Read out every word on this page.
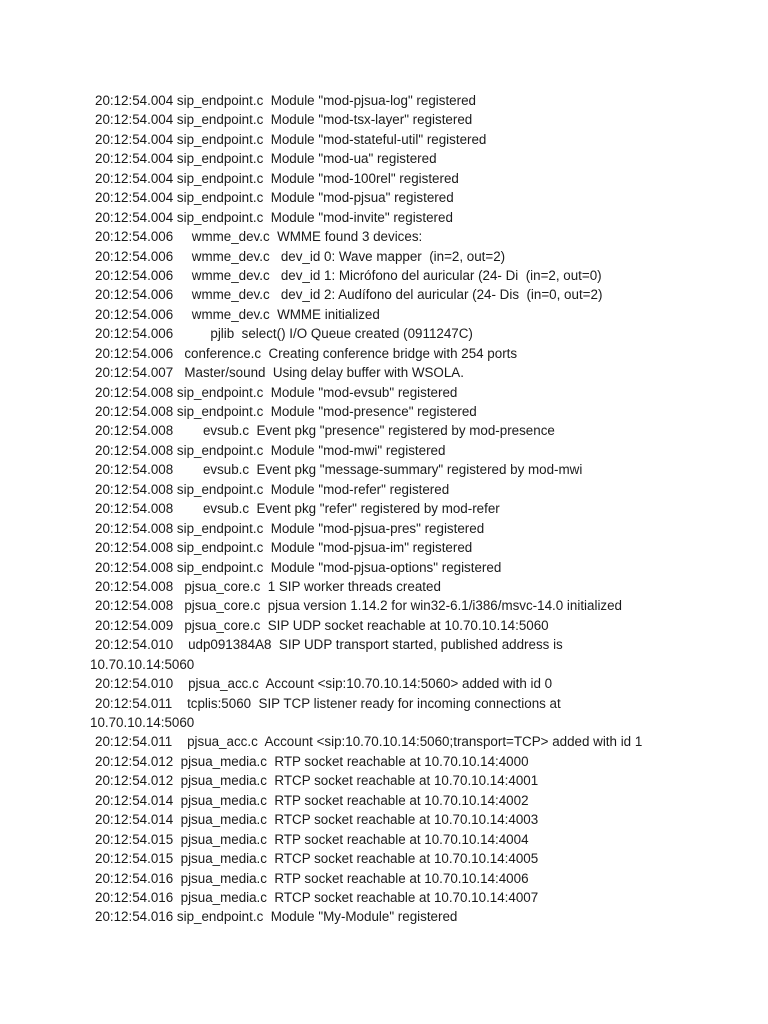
20:12:54.004 sip_endpoint.c  Module "mod-pjsua-log" registered
20:12:54.004 sip_endpoint.c  Module "mod-tsx-layer" registered
20:12:54.004 sip_endpoint.c  Module "mod-stateful-util" registered
20:12:54.004 sip_endpoint.c  Module "mod-ua" registered
20:12:54.004 sip_endpoint.c  Module "mod-100rel" registered
20:12:54.004 sip_endpoint.c  Module "mod-pjsua" registered
20:12:54.004 sip_endpoint.c  Module "mod-invite" registered
20:12:54.006     wmme_dev.c  WMME found 3 devices:
20:12:54.006     wmme_dev.c   dev_id 0: Wave mapper  (in=2, out=2)
20:12:54.006     wmme_dev.c   dev_id 1: Micrófono del auricular (24- Di  (in=2, out=0)
20:12:54.006     wmme_dev.c   dev_id 2: Audífono del auricular (24- Dis  (in=0, out=2)
20:12:54.006     wmme_dev.c  WMME initialized
20:12:54.006          pjlib  select() I/O Queue created (0911247C)
20:12:54.006   conference.c  Creating conference bridge with 254 ports
20:12:54.007   Master/sound  Using delay buffer with WSOLA.
20:12:54.008 sip_endpoint.c  Module "mod-evsub" registered
20:12:54.008 sip_endpoint.c  Module "mod-presence" registered
20:12:54.008        evsub.c  Event pkg "presence" registered by mod-presence
20:12:54.008 sip_endpoint.c  Module "mod-mwi" registered
20:12:54.008        evsub.c  Event pkg "message-summary" registered by mod-mwi
20:12:54.008 sip_endpoint.c  Module "mod-refer" registered
20:12:54.008        evsub.c  Event pkg "refer" registered by mod-refer
20:12:54.008 sip_endpoint.c  Module "mod-pjsua-pres" registered
20:12:54.008 sip_endpoint.c  Module "mod-pjsua-im" registered
20:12:54.008 sip_endpoint.c  Module "mod-pjsua-options" registered
20:12:54.008   pjsua_core.c  1 SIP worker threads created
20:12:54.008   pjsua_core.c  pjsua version 1.14.2 for win32-6.1/i386/msvc-14.0 initialized
20:12:54.009   pjsua_core.c  SIP UDP socket reachable at 10.70.10.14:5060
20:12:54.010    udp091384A8  SIP UDP transport started, published address is
10.70.10.14:5060
20:12:54.010    pjsua_acc.c  Account <sip:10.70.10.14:5060> added with id 0
20:12:54.011    tcplis:5060  SIP TCP listener ready for incoming connections at
10.70.10.14:5060
20:12:54.011    pjsua_acc.c  Account <sip:10.70.10.14:5060;transport=TCP> added with id 1
20:12:54.012  pjsua_media.c  RTP socket reachable at 10.70.10.14:4000
20:12:54.012  pjsua_media.c  RTCP socket reachable at 10.70.10.14:4001
20:12:54.014  pjsua_media.c  RTP socket reachable at 10.70.10.14:4002
20:12:54.014  pjsua_media.c  RTCP socket reachable at 10.70.10.14:4003
20:12:54.015  pjsua_media.c  RTP socket reachable at 10.70.10.14:4004
20:12:54.015  pjsua_media.c  RTCP socket reachable at 10.70.10.14:4005
20:12:54.016  pjsua_media.c  RTP socket reachable at 10.70.10.14:4006
20:12:54.016  pjsua_media.c  RTCP socket reachable at 10.70.10.14:4007
20:12:54.016 sip_endpoint.c  Module "My-Module" registered
